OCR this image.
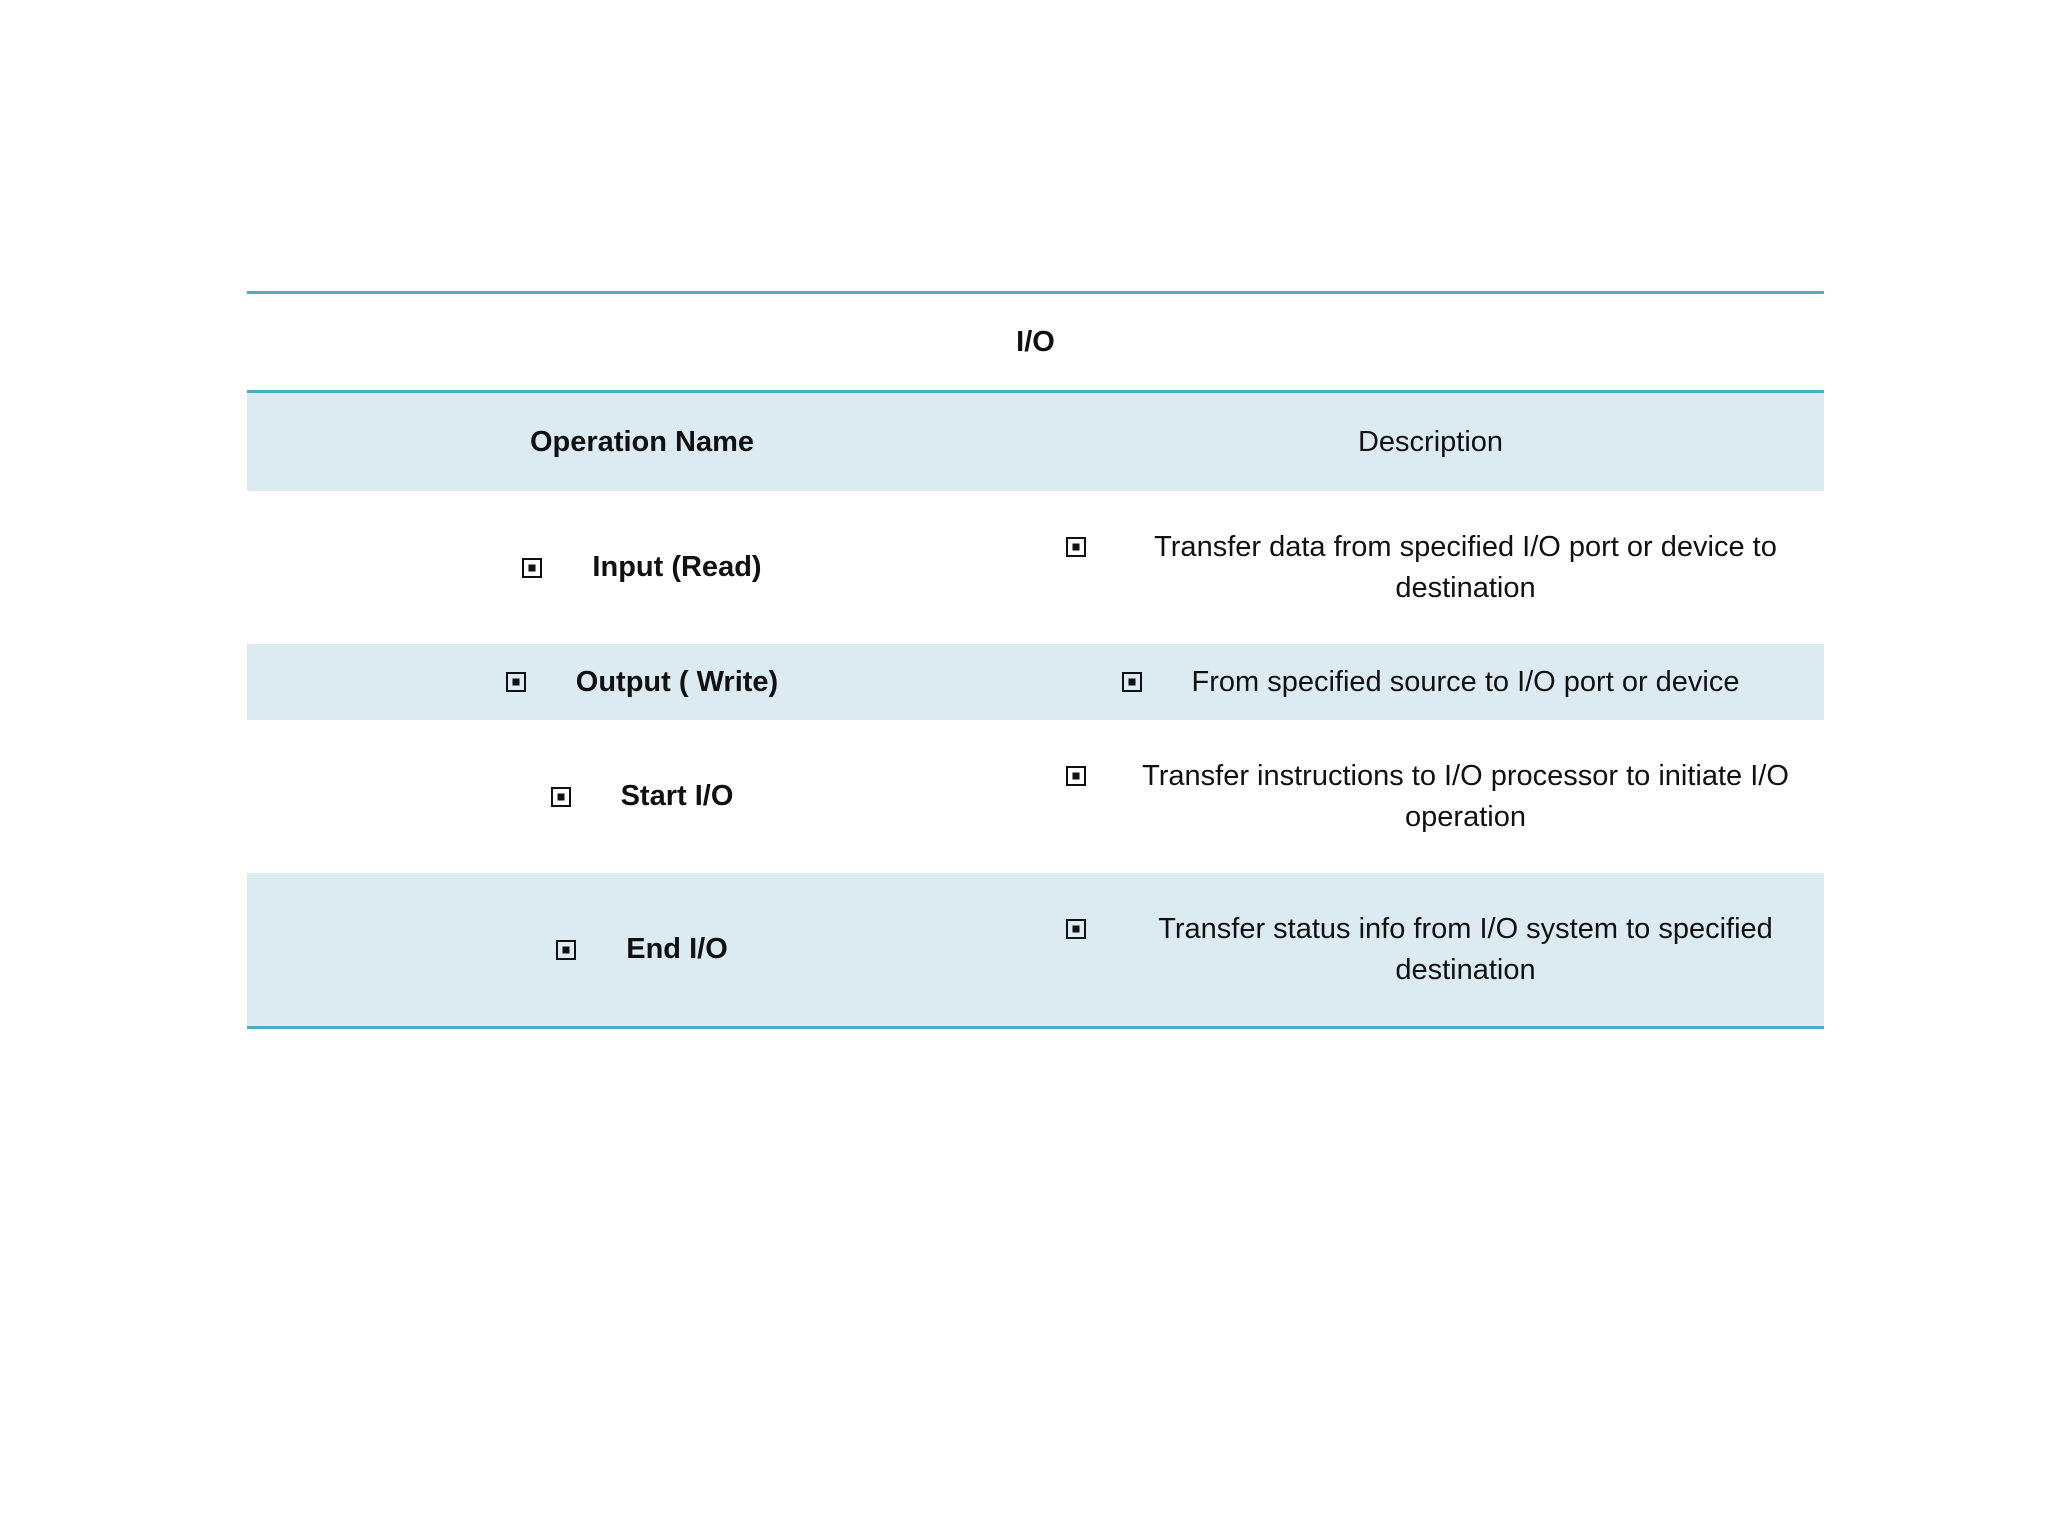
I/O
Operation Name	Description
Input (Read)
Transfer data from specified I/O port or device to destination
Output ( Write)	From specified source to I/O port or device
Start I/O
Transfer instructions to I/O processor to initiate I/O operation
End I/O
Transfer status info from I/O system to specified destination
